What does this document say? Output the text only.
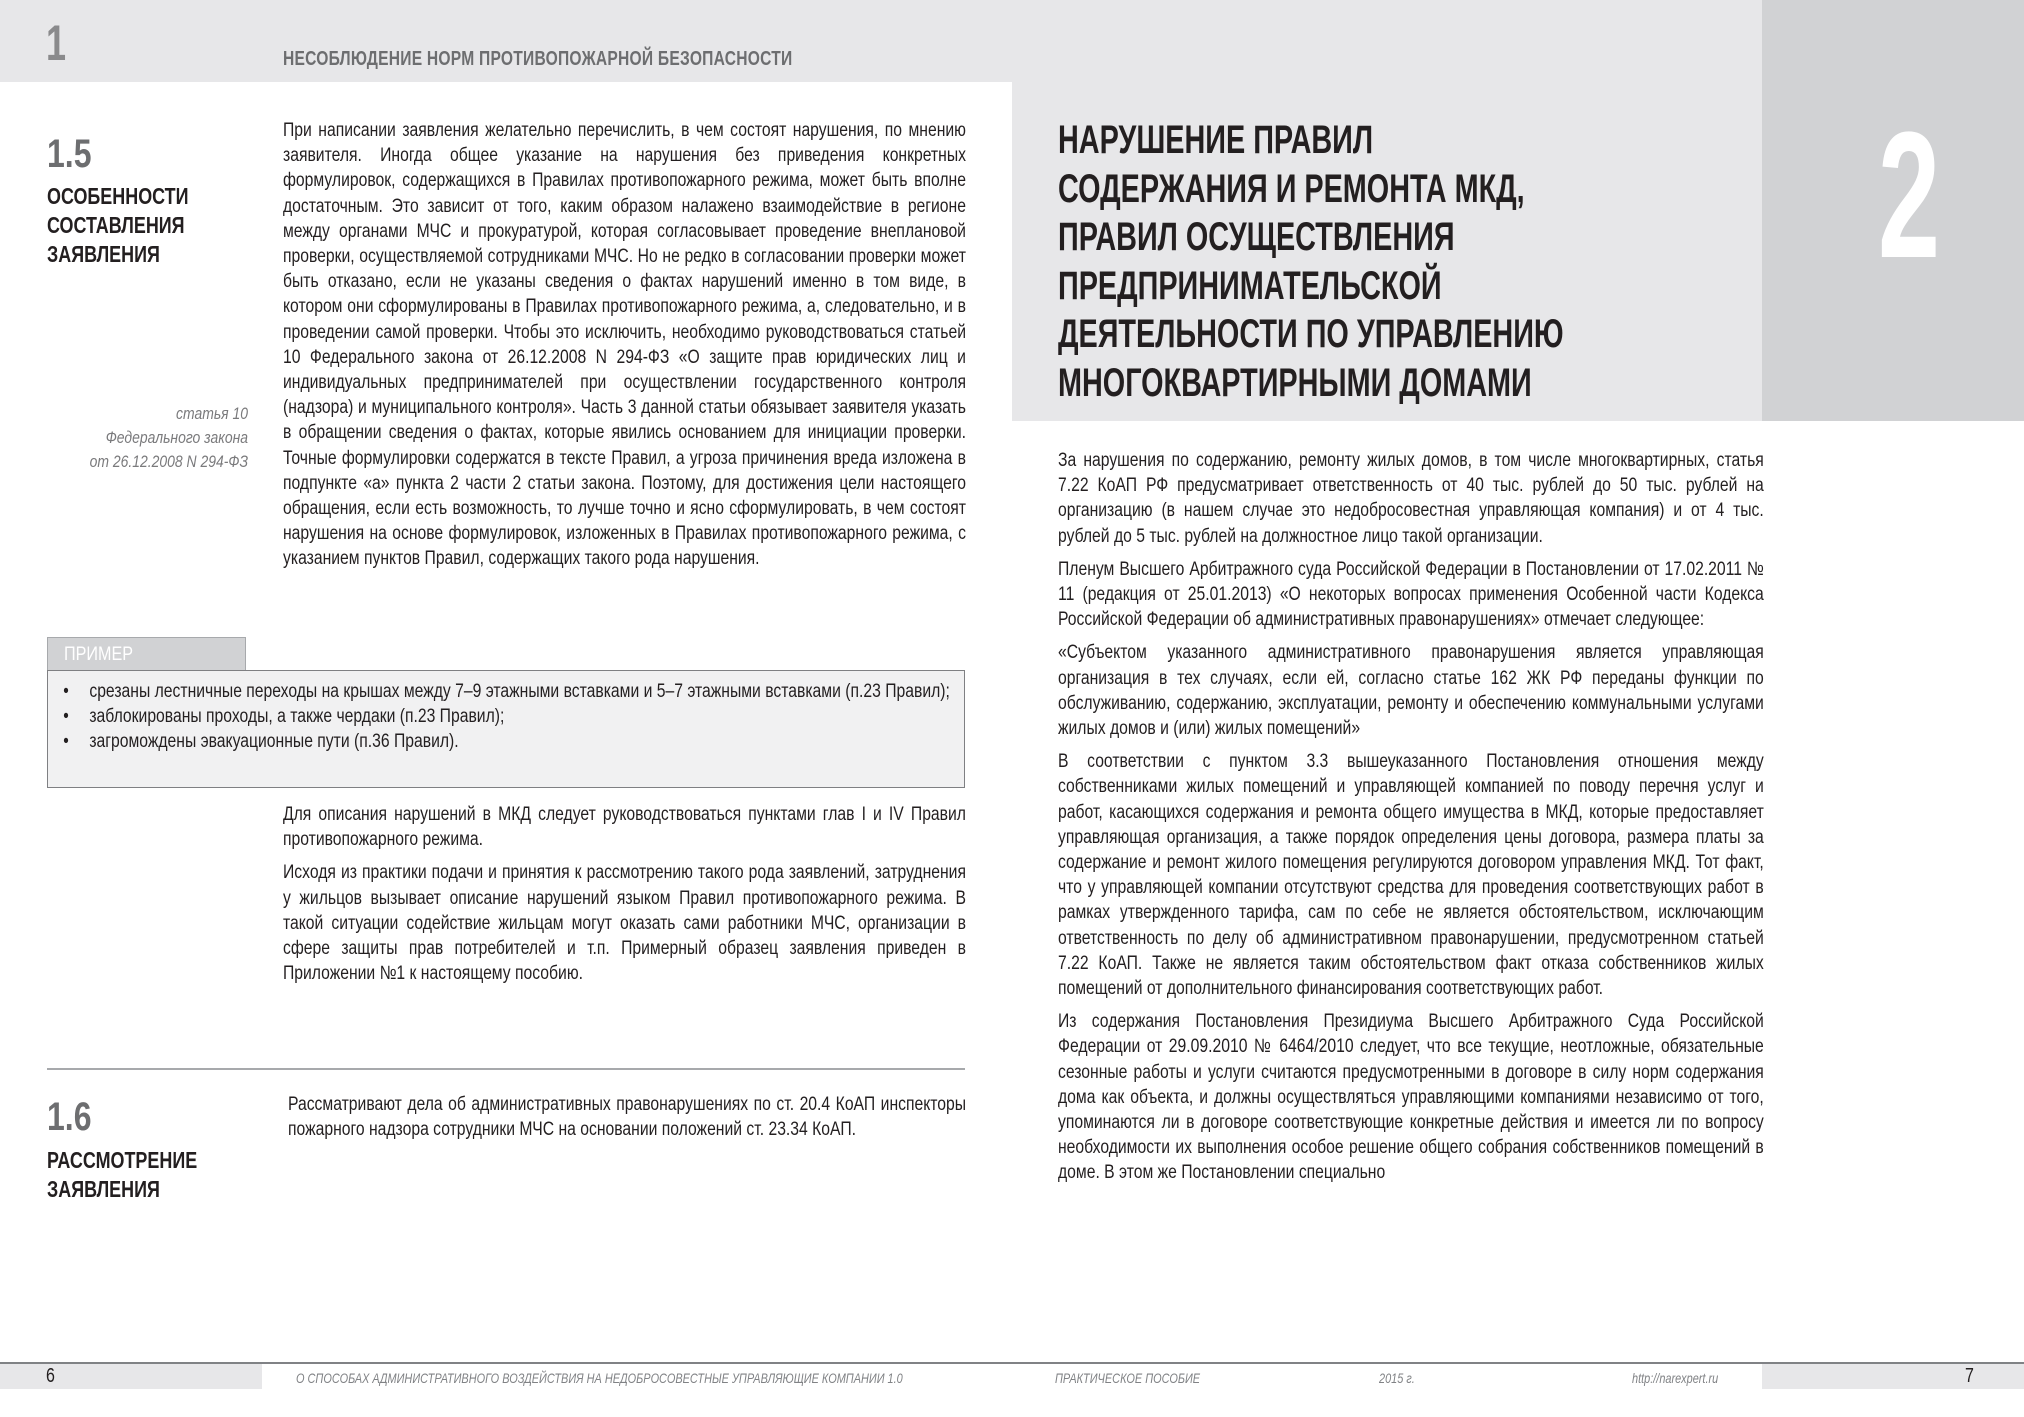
1	НЕСОБЛЮДЕНИЕ НОРМ ПРОТИВОПОЖАРНОЙ БЕЗОПАСНОСТИ
1.5
ОСОБЕННОСТИ
СОСТАВЛЕНИЯ
ЗАЯВЛЕНИЯ

При написании заявления желательно перечислить, в чем состоят нарушения, по мнению заявителя. Иногда общее указание на нарушения без приведения конкретных формулировок, содержащихся в Правилах противопожарного режима, может быть вполне достаточным. Это зависит от того, каким образом налажено взаимодействие в регионе между органами МЧС и прокуратурой, которая согласовывает проведение внеплановой проверки, осуществляемой сотрудниками МЧС. Но не редко в согласовании проверки может быть отказано, если не указаны сведения о фактах нарушений именно в том виде, в котором они сформулированы в Правилах противопожарного режима, а, следовательно, и в проведении самой проверки. Чтобы это исключить, необходимо руководствоваться статьей 10 Федерального закона от 26.12.2008 N 294-ФЗ «О защите прав юридических лиц и индивидуальных предпринимателей при осуществлении государственного контроля (надзора) и муниципального контроля». Часть 3 данной статьи обязывает заявителя указать в обращении сведения о фактах, которые явились основанием для инициации проверки. Точные формулировки содержатся в тексте Правил, а угроза причинения вреда изложена в подпункте «а» пункта 2 части 2 статьи закона. Поэтому, для достижения цели настоящего обращения, если есть возможность, то лучше точно и ясно сформулировать, в чем состоят нарушения на основе формулировок, изложенных в Правилах противопожарного режима, с указанием пунктов Правил, содержащих такого рода нарушения.

статья 10
Федерального закона
от 26.12.2008 N 294-ФЗ
ПРИМЕР
• срезаны лестничные переходы на крышах между 7–9 этажными вставками и 5–7 этажными вставками (п.23 Правил);
• заблокированы проходы, а также чердаки (п.23 Правил);
• загромождены эвакуационные пути (п.36 Правил).

Для описания нарушений в МКД следует руководствоваться пунктами глав I и IV Правил противопожарного режима.

Исходя из практики подачи и принятия к рассмотрению такого рода заявлений, затруднения у жильцов вызывает описание нарушений языком Правил противопожарного режима. В такой ситуации содействие жильцам могут оказать сами работники МЧС, организации в сфере защиты прав потребителей и т.п. Примерный образец заявления приведен в Приложении №1 к настоящему пособию.

1.6
РАССМОТРЕНИЕ
ЗАЯВЛЕНИЯ

Рассматривают дела об административных правонарушениях по ст. 20.4 КоАП инспекторы пожарного надзора сотрудники МЧС на основании положений ст. 23.34 КоАП.

2
НАРУШЕНИЕ ПРАВИЛ
СОДЕРЖАНИЯ И РЕМОНТА МКД,
ПРАВИЛ ОСУЩЕСТВЛЕНИЯ
ПРЕДПРИНИМАТЕЛЬСКОЙ
ДЕЯТЕЛЬНОСТИ ПО УПРАВЛЕНИЮ
МНОГОКВАРТИРНЫМИ ДОМАМИ

За нарушения по содержанию, ремонту жилых домов, в том числе многоквартирных, статья 7.22 КоАП РФ предусматривает ответственность от 40 тыс. рублей до 50 тыс. рублей на организацию (в нашем случае это недобросовестная управляющая компания) и от 4 тыс. рублей до 5 тыс. рублей на должностное лицо такой организации.

Пленум Высшего Арбитражного суда Российской Федерации в Постановлении от 17.02.2011 № 11 (редакция от 25.01.2013) «О некоторых вопросах применения Особенной части Кодекса Российской Федерации об административных правонарушениях» отмечает следующее:

«Субъектом указанного административного правонарушения является управляющая организация в тех случаях, если ей, согласно статье 162 ЖК РФ переданы функции по обслуживанию, содержанию, эксплуатации, ремонту и обеспечению коммунальными услугами жилых домов и (или) жилых помещений»

В соответствии с пунктом 3.3 вышеуказанного Постановления отношения между собственниками жилых помещений и управляющей компанией по поводу перечня услуг и работ, касающихся содержания и ремонта общего имущества в МКД, которые предоставляет управляющая организация, а также порядок определения цены договора, размера платы за содержание и ремонт жилого помещения регулируются договором управления МКД. Тот факт, что у управляющей компании отсутствуют средства для проведения соответствующих работ в рамках утвержденного тарифа, сам по себе не является обстоятельством, исключающим ответственность по делу об административном правонарушении, предусмотренном статьей 7.22 КоАП. Также не является таким обстоятельством факт отказа собственников жилых помещений от дополнительного финансирования соответствующих работ.

Из содержания Постановления Президиума Высшего Арбитражного Суда Российской Федерации от 29.09.2010 № 6464/2010 следует, что все текущие, неотложные, обязательные сезонные работы и услуги считаются предусмотренными в договоре в силу норм содержания дома как объекта, и должны осуществляться управляющими компаниями независимо от того, упоминаются ли в договоре соответствующие конкретные действия и имеется ли по вопросу необходимости их выполнения особое решение общего собрания собственников помещений в доме. В этом же Постановлении специально

6	7
О СПОСОБАХ АДМИНИСТРАТИВНОГО ВОЗДЕЙСТВИЯ НА НЕДОБРОСОВЕСТНЫЕ УПРАВЛЯЮЩИЕ КОМПАНИИ 1.0	ПРАКТИЧЕСКОЕ ПОСОБИЕ	2015 г.	http://narexpert.ru
